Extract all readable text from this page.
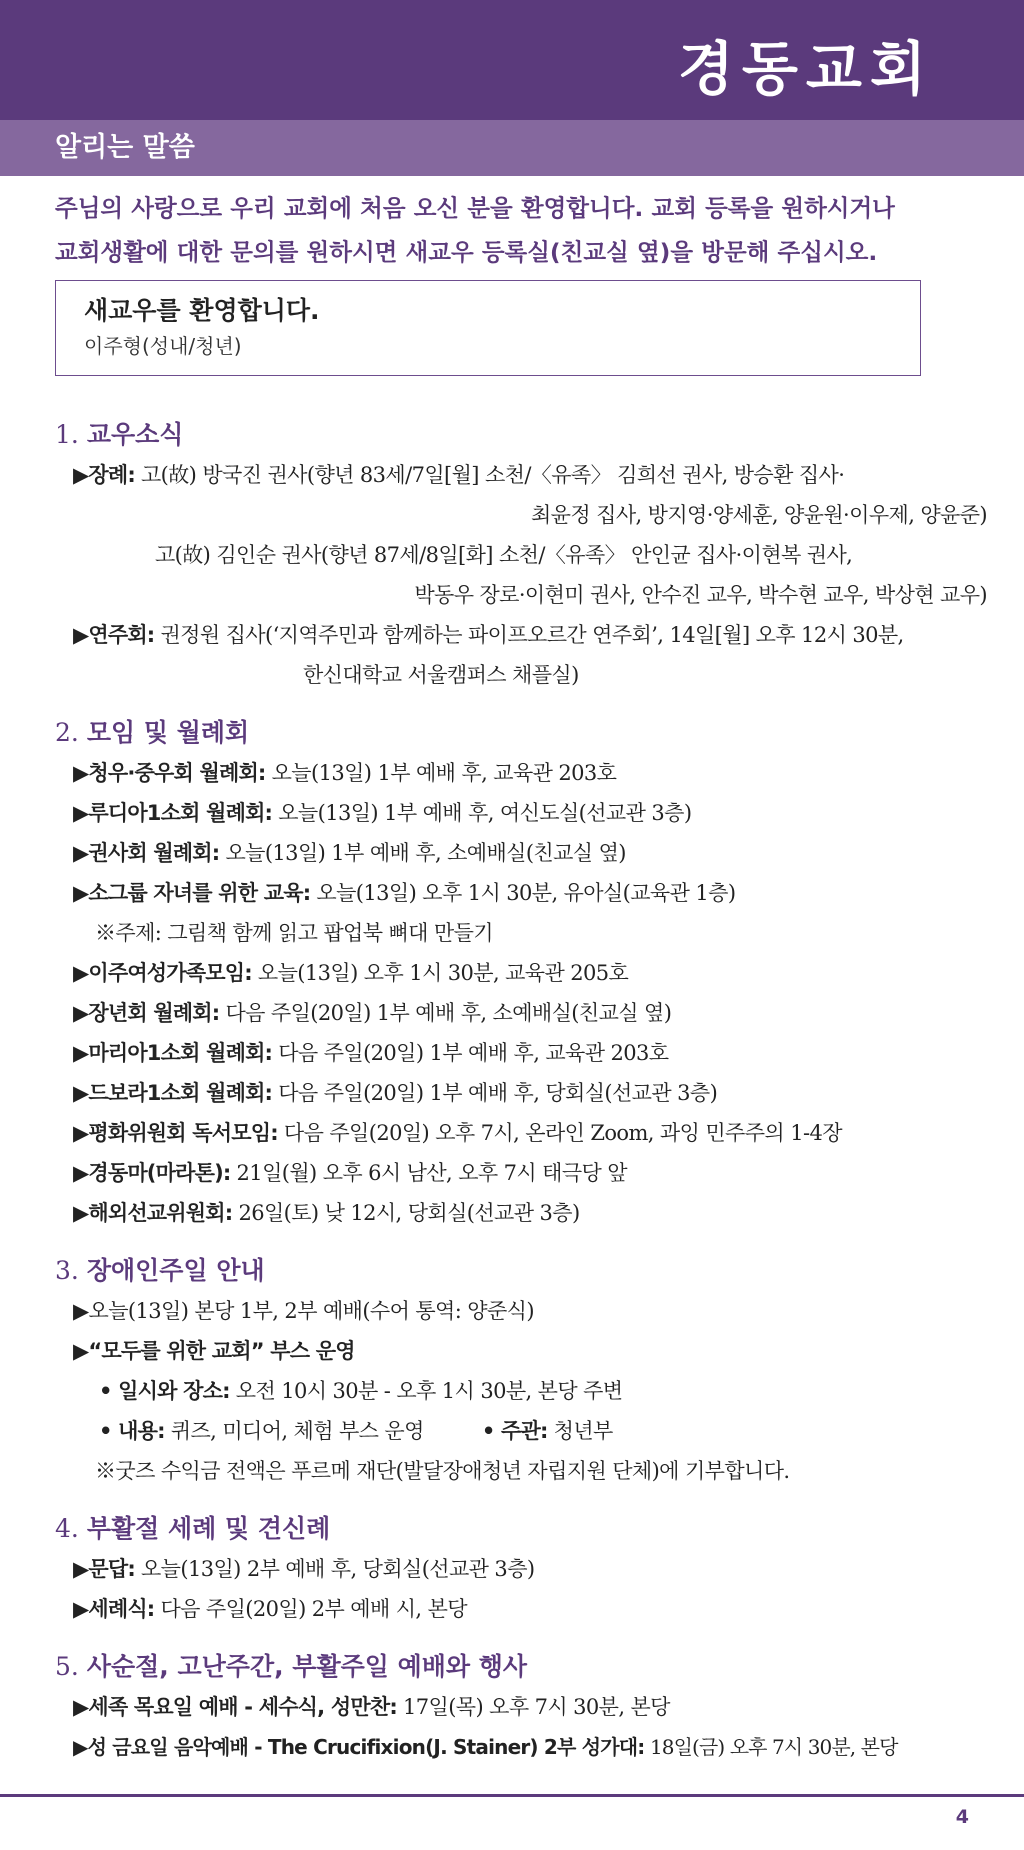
경동교회
알리는 말씀
주님의 사랑으로 우리 교회에 처음 오신 분을 환영합니다. 교회 등록을 원하시거나
교회생활에 대한 문의를 원하시면 새교우 등록실(친교실 옆)을 방문해 주십시오.
새교우를 환영합니다.
이주형(성내/청년)
1. 교우소식
▶장례: 고(故) 방국진 권사(향년 83세/7일[월] 소천/〈유족〉 김희선 권사, 방승환 집사·
최윤정 집사, 방지영·양세훈, 양윤원·이우제, 양윤준)
고(故) 김인순 권사(향년 87세/8일[화] 소천/〈유족〉 안인균 집사·이현복 권사,
박동우 장로·이현미 권사, 안수진 교우, 박수현 교우, 박상현 교우)
▶연주회: 권정원 집사(‘지역주민과 함께하는 파이프오르간 연주회’, 14일[월] 오후 12시 30분,
한신대학교 서울캠퍼스 채플실)
2. 모임 및 월례회
▶청우·중우회 월례회: 오늘(13일) 1부 예배 후, 교육관 203호
▶루디아1소회 월례회: 오늘(13일) 1부 예배 후, 여신도실(선교관 3층)
▶권사회 월례회: 오늘(13일) 1부 예배 후, 소예배실(친교실 옆)
▶소그룹 자녀를 위한 교육: 오늘(13일) 오후 1시 30분, 유아실(교육관 1층)
※주제: 그림책 함께 읽고 팝업북 뼈대 만들기
▶이주여성가족모임: 오늘(13일) 오후 1시 30분, 교육관 205호
▶장년회 월례회: 다음 주일(20일) 1부 예배 후, 소예배실(친교실 옆)
▶마리아1소회 월례회: 다음 주일(20일) 1부 예배 후, 교육관 203호
▶드보라1소회 월례회: 다음 주일(20일) 1부 예배 후, 당회실(선교관 3층)
▶평화위원회 독서모임: 다음 주일(20일) 오후 7시, 온라인 Zoom, 과잉 민주주의 1-4장
▶경동마(마라톤): 21일(월) 오후 6시 남산, 오후 7시 태극당 앞
▶해외선교위원회: 26일(토) 낮 12시, 당회실(선교관 3층)
3. 장애인주일 안내
▶오늘(13일) 본당 1부, 2부 예배(수어 통역: 양준식)
▶“모두를 위한 교회” 부스 운영
• 일시와 장소: 오전 10시 30분 - 오후 1시 30분, 본당 주변
• 내용: 퀴즈, 미디어, 체험 부스 운영	• 주관: 청년부
※굿즈 수익금 전액은 푸르메 재단(발달장애청년 자립지원 단체)에 기부합니다.
4. 부활절 세례 및 견신례
▶문답: 오늘(13일) 2부 예배 후, 당회실(선교관 3층)
▶세례식: 다음 주일(20일) 2부 예배 시, 본당
5. 사순절, 고난주간, 부활주일 예배와 행사
▶세족 목요일 예배 - 세수식, 성만찬: 17일(목) 오후 7시 30분, 본당
▶성 금요일 음악예배 - The Crucifixion(J. Stainer) 2부 성가대: 18일(금) 오후 7시 30분, 본당
4
